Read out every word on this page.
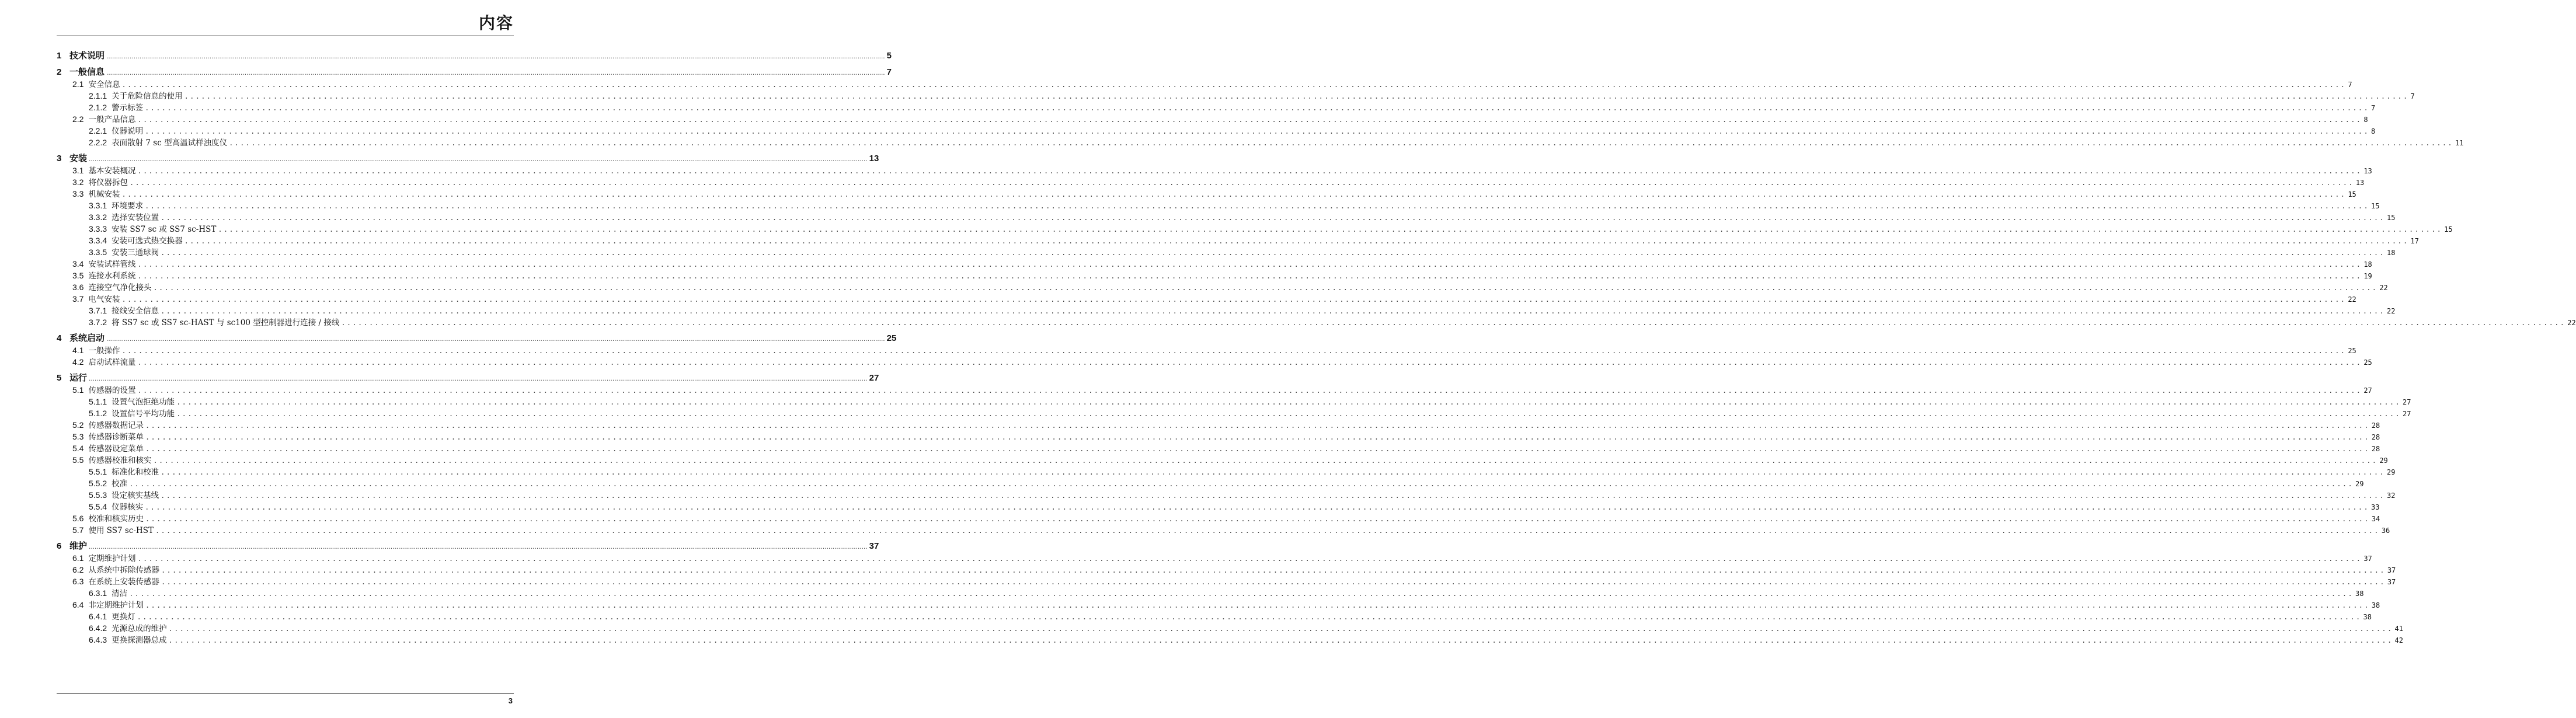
内容
1 技术说明 ................................................................................................................................................................................................................................................................................................................................................................................................................ 5
2 一般信息 ................................................................................................................................................................................................................................................................................................................................................................................................................ 7
2.1 安全信息 ................................................................................................................................................................................................................................................................................................................................................................................................................ 7
2.1.1 关于危险信息的使用 ................................................................................................................................................................................................................................................................................................................................................................................................................ 7
2.1.2 警示标签 ................................................................................................................................................................................................................................................................................................................................................................................................................ 7
2.2 一般产品信息 ................................................................................................................................................................................................................................................................................................................................................................................................................ 8
2.2.1 仪器说明 ................................................................................................................................................................................................................................................................................................................................................................................................................ 8
2.2.2 表面散射 7 sc 型高温试样浊度仪 ................................................................................................................................................................................................................................................................................................................................................................................................................ 11
3 安装 ................................................................................................................................................................................................................................................................................................................................................................................................................ 13
3.1 基本安装概况 ................................................................................................................................................................................................................................................................................................................................................................................................................ 13
3.2 将仪器拆包 ................................................................................................................................................................................................................................................................................................................................................................................................................ 13
3.3 机械安装 ................................................................................................................................................................................................................................................................................................................................................................................................................ 15
3.3.1 环境要求 ................................................................................................................................................................................................................................................................................................................................................................................................................ 15
3.3.2 选择安装位置 ................................................................................................................................................................................................................................................................................................................................................................................................................ 15
3.3.3 安装 SS7 sc 或 SS7 sc-HST ................................................................................................................................................................................................................................................................................................................................................................................................................ 15
3.3.4 安装可选式热交换器 ................................................................................................................................................................................................................................................................................................................................................................................................................ 17
3.3.5 安装三通球阀 ................................................................................................................................................................................................................................................................................................................................................................................................................ 18
3.4 安装试样管线 ................................................................................................................................................................................................................................................................................................................................................................................................................ 18
3.5 连接水利系统 ................................................................................................................................................................................................................................................................................................................................................................................................................ 19
3.6 连接空气净化接头 ................................................................................................................................................................................................................................................................................................................................................................................................................ 22
3.7 电气安装 ................................................................................................................................................................................................................................................................................................................................................................................................................ 22
3.7.1 接线安全信息 ................................................................................................................................................................................................................................................................................................................................................................................................................ 22
3.7.2 将 SS7 sc 或 SS7 sc-HAST 与 sc100 型控制器进行连接 / 接线 ................................................................................................................................................................................................................................................................................................................................................................................................................ 22
4 系统启动 ................................................................................................................................................................................................................................................................................................................................................................................................................ 25
4.1 一般操作 ................................................................................................................................................................................................................................................................................................................................................................................................................ 25
4.2 启动试样流量 ................................................................................................................................................................................................................................................................................................................................................................................................................ 25
5 运行 ................................................................................................................................................................................................................................................................................................................................................................................................................ 27
5.1 传感器的设置 ................................................................................................................................................................................................................................................................................................................................................................................................................ 27
5.1.1 设置气泡拒绝功能 ................................................................................................................................................................................................................................................................................................................................................................................................................ 27
5.1.2 设置信号平均功能 ................................................................................................................................................................................................................................................................................................................................................................................................................ 27
5.2 传感器数据记录 ................................................................................................................................................................................................................................................................................................................................................................................................................ 28
5.3 传感器诊断菜单 ................................................................................................................................................................................................................................................................................................................................................................................................................ 28
5.4 传感器设定菜单 ................................................................................................................................................................................................................................................................................................................................................................................................................ 28
5.5 传感器校准和核实 ................................................................................................................................................................................................................................................................................................................................................................................................................ 29
5.5.1 标准化和校准 ................................................................................................................................................................................................................................................................................................................................................................................................................ 29
5.5.2 校准 ................................................................................................................................................................................................................................................................................................................................................................................................................ 29
5.5.3 设定核实基线 ................................................................................................................................................................................................................................................................................................................................................................................................................ 32
5.5.4 仪器核实 ................................................................................................................................................................................................................................................................................................................................................................................................................ 33
5.6 校准和核实历史 ................................................................................................................................................................................................................................................................................................................................................................................................................ 34
5.7 使用 SS7 sc-HST ................................................................................................................................................................................................................................................................................................................................................................................................................ 36
6 维护 ................................................................................................................................................................................................................................................................................................................................................................................................................ 37
6.1 定期维护计划 ................................................................................................................................................................................................................................................................................................................................................................................................................ 37
6.2 从系统中拆除传感器 ................................................................................................................................................................................................................................................................................................................................................................................................................ 37
6.3 在系统上安装传感器 ................................................................................................................................................................................................................................................................................................................................................................................................................ 37
6.3.1 清洁 ................................................................................................................................................................................................................................................................................................................................................................................................................ 38
6.4 非定期维护计划 ................................................................................................................................................................................................................................................................................................................................................................................................................ 38
6.4.1 更换灯 ................................................................................................................................................................................................................................................................................................................................................................................................................ 38
6.4.2 光源总成的维护 ................................................................................................................................................................................................................................................................................................................................................................................................................ 41
6.4.3 更换探测器总成 ................................................................................................................................................................................................................................................................................................................................................................................................................ 42
3
